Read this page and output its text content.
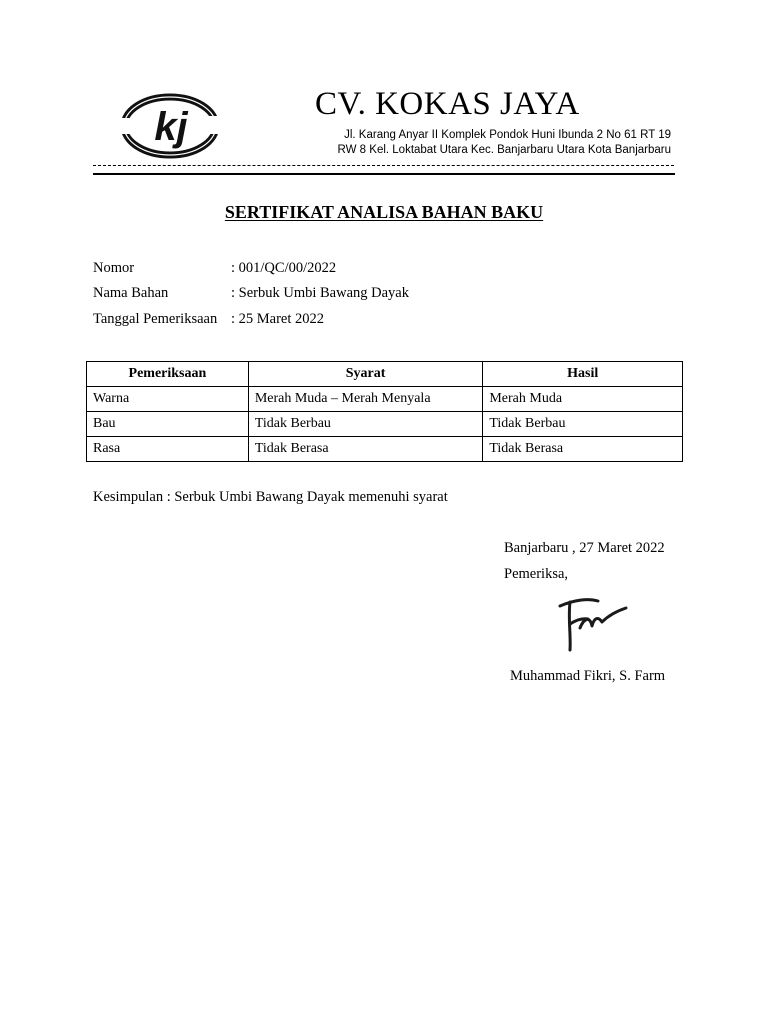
kj
CV. KOKAS JAYA
Jl. Karang Anyar II Komplek Pondok Huni Ibunda 2 No 61 RT 19
RW 8 Kel. Loktabat Utara Kec. Banjarbaru Utara Kota Banjarbaru
SERTIFIKAT ANALISA BAHAN BAKU
Nomor	: 001/QC/00/2022
Nama Bahan	: Serbuk Umbi Bawang Dayak
Tanggal Pemeriksaan : 25 Maret 2022
Pemeriksaan	Syarat	Hasil
Warna	Merah Muda – Merah Menyala	Merah Muda
Bau	Tidak Berbau	Tidak Berbau
Rasa	Tidak Berasa	Tidak Berasa
Kesimpulan : Serbuk Umbi Bawang Dayak memenuhi syarat
Banjarbaru , 27 Maret 2022
Pemeriksa,
Muhammad Fikri, S. Farm
